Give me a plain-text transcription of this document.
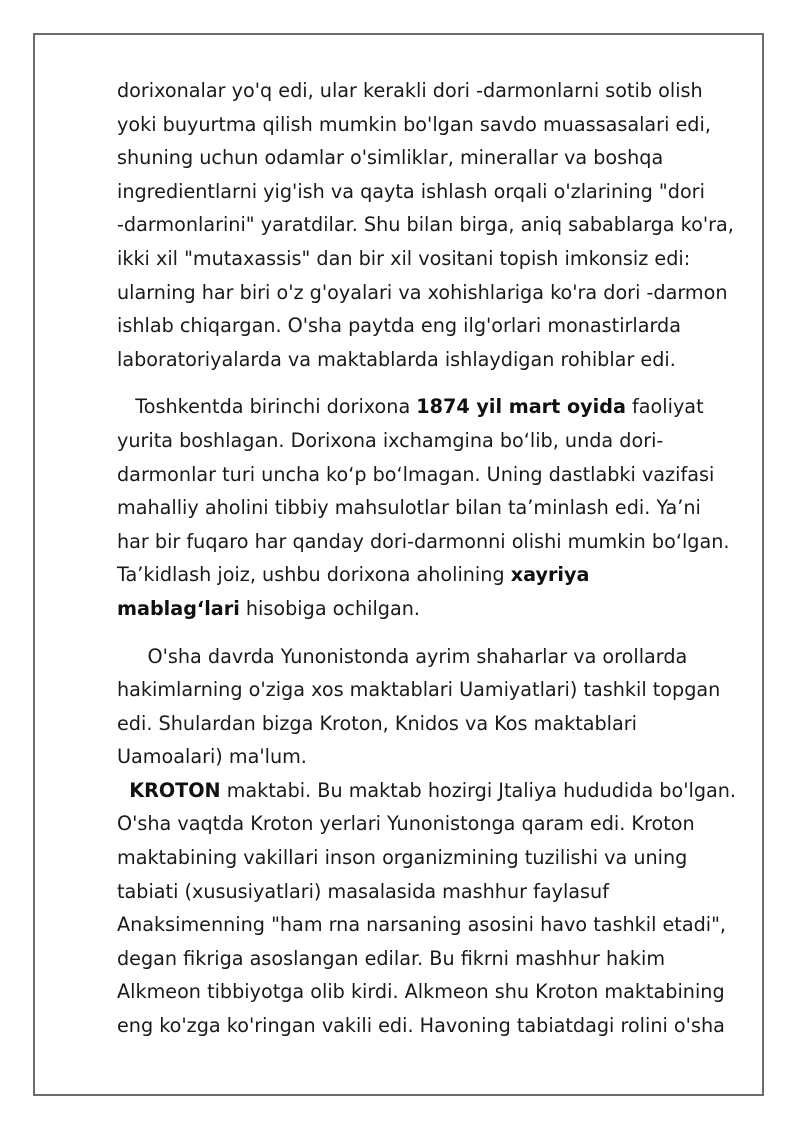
dorixonalar yo'q edi, ular kerakli dori -darmonlarni sotib olish
yoki buyurtma qilish mumkin bo'lgan savdo muassasalari edi,
shuning uchun odamlar o'simliklar, minerallar va boshqa
ingredientlarni yig'ish va qayta ishlash orqali o'zlarining "dori
-darmonlarini" yaratdilar. Shu bilan birga, aniq sabablarga ko'ra,
ikki xil "mutaxassis" dan bir xil vositani topish imkonsiz edi:
ularning har biri o'z g'oyalari va xohishlariga ko'ra dori -darmon
ishlab chiqargan. O'sha paytda eng ilg'orlari monastirlarda
laboratoriyalarda va maktablarda ishlaydigan rohiblar edi.
Toshkentda birinchi dorixona 1874 yil mart oyida faoliyat
yurita boshlagan. Dorixona ixchamgina boʻlib, unda dori-
darmonlar turi uncha koʻp boʻlmagan. Uning dastlabki vazifasi
mahalliy aholini tibbiy mahsulotlar bilan taʼminlash edi. Yaʼni
har bir fuqaro har qanday dori-darmonni olishi mumkin boʻlgan.
Taʼkidlash joiz, ushbu dorixona aholining xayriya
mablagʻlari hisobiga ochilgan.
O'sha davrda Yunonistonda ayrim shaharlar va orollarda
hakimlarning o'ziga xos maktablari Uamiyatlari) tashkil topgan
edi. Shulardan bizga Kroton, Knidos va Kos maktablari
Uamoalari) ma'lum.
KROTON maktabi. Bu maktab hozirgi Jtaliya hududida bo'lgan.
O'sha vaqtda Kroton yerlari Yunonistonga qaram edi. Kroton
maktabining vakillari inson organizmining tuzilishi va uning
tabiati (xususiyatlari) masalasida mashhur faylasuf
Anaksimenning "ham rna narsaning asosini havo tashkil etadi",
degan fikriga asoslangan edilar. Bu fikrni mashhur hakim
Alkmeon tibbiyotga olib kirdi. Alkmeon shu Kroton maktabining
eng ko'zga ko'ringan vakili edi. Havoning tabiatdagi rolini o'sha
